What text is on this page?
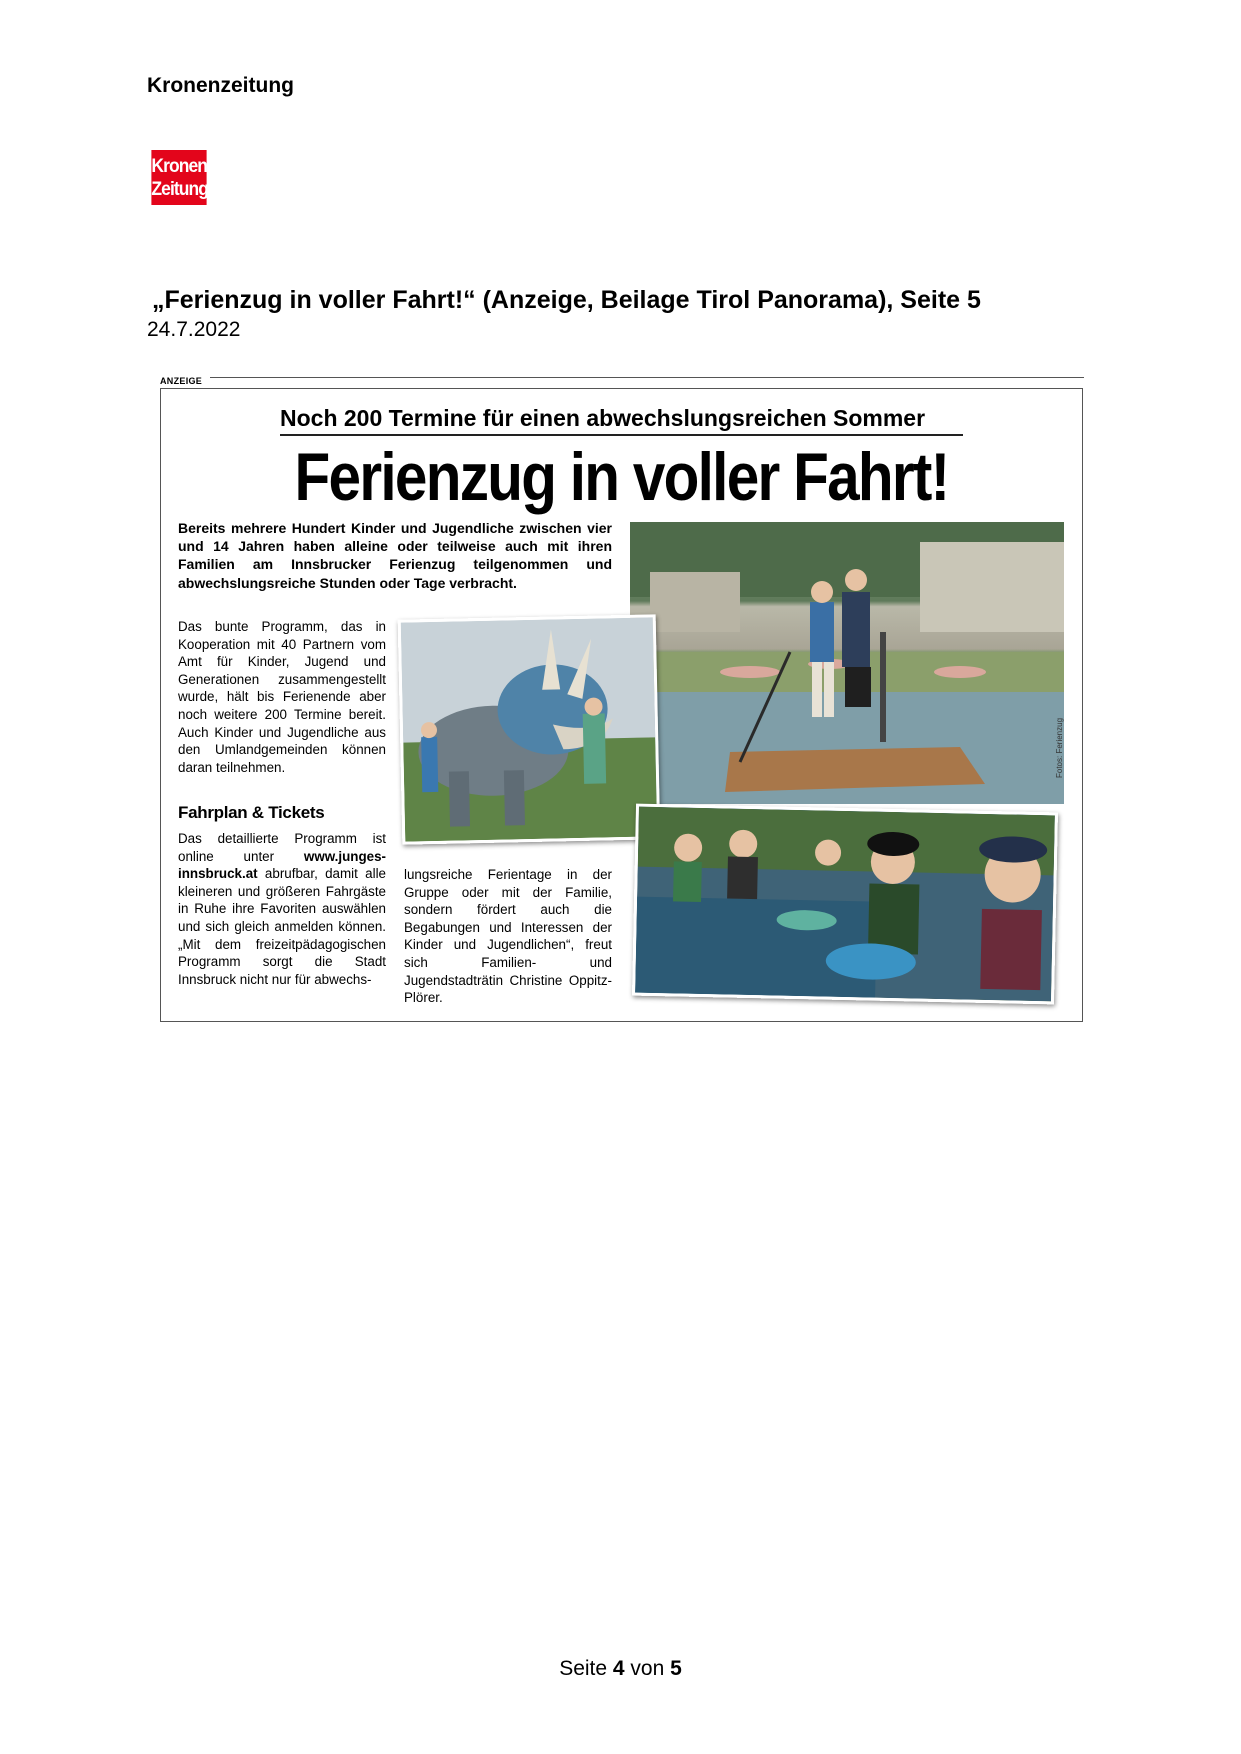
Kronenzeitung
Kronen
Zeitung
„Ferienzug in voller Fahrt!“ (Anzeige, Beilage Tirol Panorama), Seite 5
24.7.2022
ANZEIGE
Noch 200 Termine für einen abwechslungsreichen Sommer
Ferienzug in voller Fahrt!
Bereits mehrere Hundert Kinder und Jugendliche zwischen vier und 14 Jahren haben alleine oder teilweise auch mit ihren Familien am Innsbrucker Ferienzug teilgenommen und abwechslungsreiche Stunden oder Tage verbracht.
Das bunte Programm, das in Kooperation mit 40 Partnern vom Amt für Kinder, Jugend und Generationen zusammengestellt wurde, hält bis Ferienende aber noch weitere 200 Termine bereit. Auch Kinder und Jugendliche aus den Umlandgemeinden können daran teilnehmen.
Fahrplan & Tickets
Das detaillierte Programm ist online unter www.junges-innsbruck.at abrufbar, damit alle kleineren und größeren Fahrgäste in Ruhe ihre Favoriten auswählen und sich gleich anmelden können. „Mit dem freizeitpädagogischen Programm sorgt die Stadt Innsbruck nicht nur für abwechs-
lungsreiche Ferientage in der Gruppe oder mit der Familie, sondern fördert auch die Begabungen und Interessen der Kinder und Jugendlichen“, freut sich Familien- und Jugendstadträtin Christine Oppitz-Plörer.
Fotos: Ferienzug
Seite 4 von 5
